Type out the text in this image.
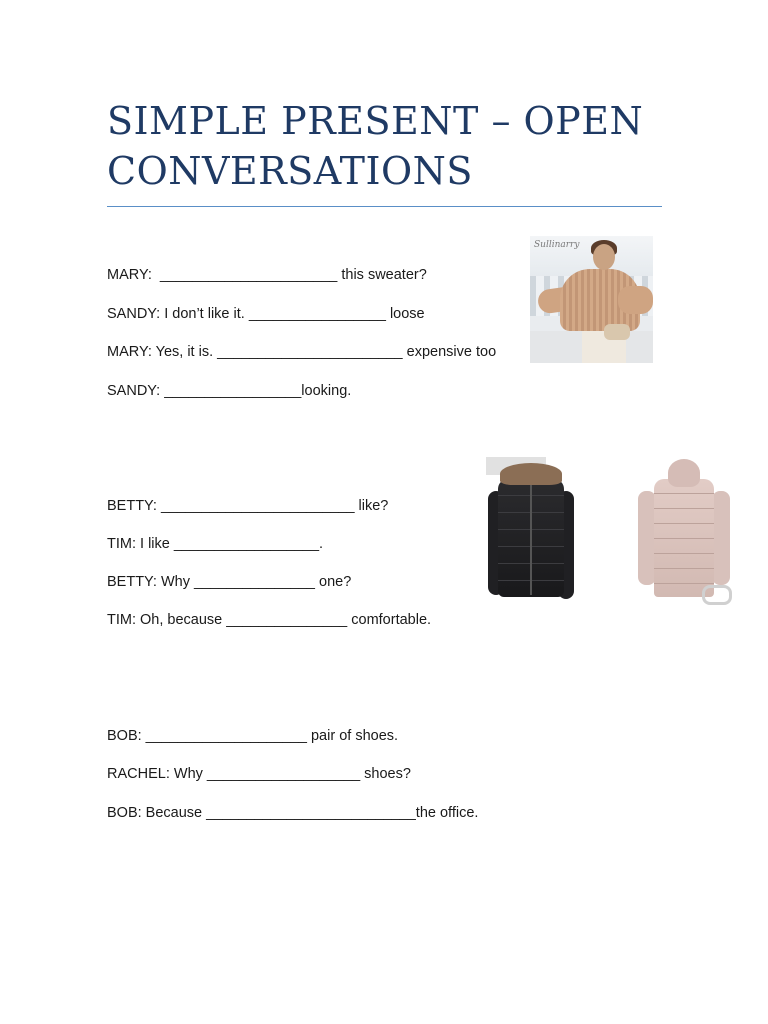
SIMPLE PRESENT – OPEN
CONVERSATIONS
MARY:  ______________________ this sweater?
SANDY: I don’t like it. _________________ loose
MARY: Yes, it is. _______________________ expensive too
SANDY: _________________looking.
Sullinarry
BETTY: ________________________ like?
TIM: I like __________________.
BETTY: Why _______________ one?
TIM: Oh, because _______________ comfortable.
BOB: ____________________ pair of shoes.
RACHEL: Why ___________________ shoes?
BOB: Because __________________________the office.
